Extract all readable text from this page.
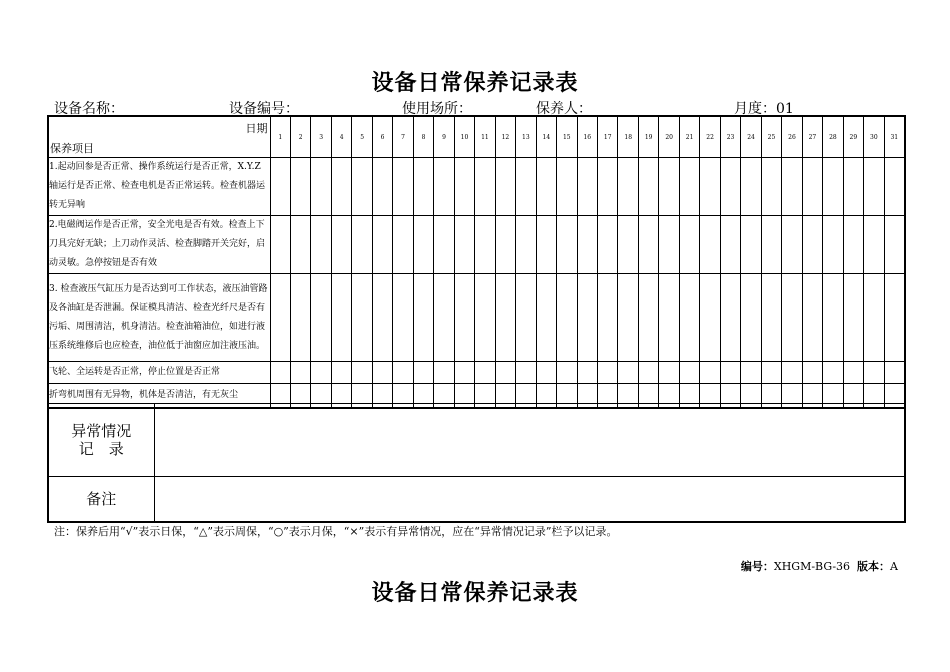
设备日常保养记录表
设备名称：	设备编号：	使用场所：	保养人：	月度：01
日期
保养项目	1	2	3	4	5	6	7	8	9	10	11	12	13	14	15	16	17	18	19	20	21	22	23	24	25	26	27	28	29	30	31

1.起动回参是否正常、操作系统运行是否正常，X.Y.Z轴运行是否正常、检查电机是否正常运转。检查机器运转无异响																															

2.电磁阀运作是否正常，安全光电是否有效。检查上下刀具完好无缺；上刀动作灵活、检查脚踏开关完好，启动灵敏。急停按钮是否有效																															

3. 检查液压气缸压力是否达到可工作状态，液压油管路及各油缸是否泄漏。保证模具清洁、检查光纤尺是否有污垢、周围清洁，机身清洁。检查油箱油位，如进行液压系统维修后也应检查，油位低于油窗应加注液压油。																															

飞轮、全运转是否正常，停止位置是否正常																															

折弯机周围有无异物，机体是否清洁，有无灰尘																															

异常情况
记　录	

备注	
注：保养后用“√”表示日保，“△”表示周保，“○”表示月保，“×”表示有异常情况，应在“异常情况记录”栏予以记录。
编号：XHGM-BG-36 版本：A
设备日常保养记录表
